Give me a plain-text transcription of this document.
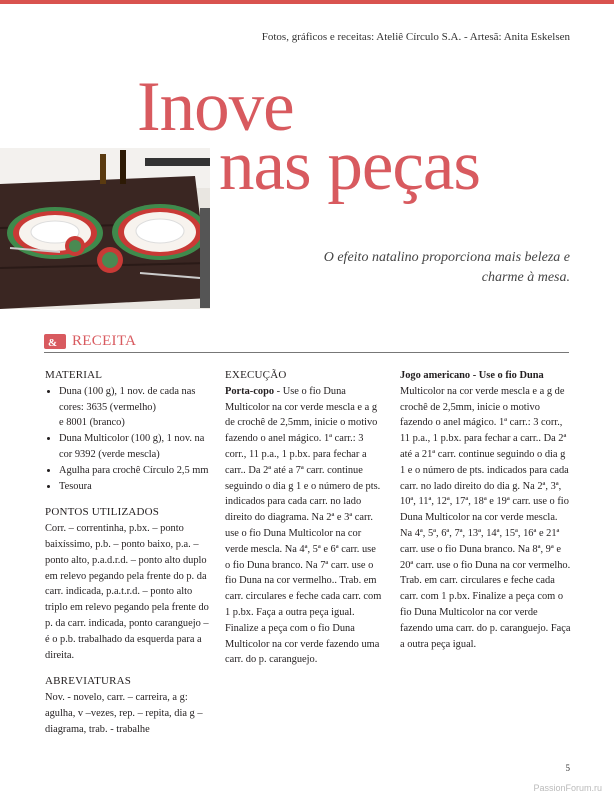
Fotos, gráficos e receitas: Ateliê Círculo S.A. - Artesã: Anita Eskelsen
Inove
nas peças
O efeito natalino proporciona mais beleza e charme à mesa.
& RECEITA

MATERIAL

• Duna (100 g), 1 nov. de cada nas cores: 3635 (vermelho)

e 8001 (branco)

• Duna Multicolor (100 g), 1 nov. na cor 9392 (verde mescla)
• Agulha para crochê Círculo 2,5 mm
• Tesoura

PONTOS UTILIZADOS

Corr. – correntinha, p.bx. – ponto baixíssimo, p.b. – ponto baixo, p.a. – ponto alto, p.a.d.r.d. – ponto alto duplo em relevo pegando pela frente do p. da carr. indicada, p.a.t.r.d. – ponto alto triplo em relevo pegando pela frente do p. da carr. indicada, ponto caranguejo – é o p.b. trabalhado da esquerda para a direita.

ABREVIATURAS

Nov. - novelo, carr. – carreira, a g: agulha, v –vezes, rep. – repita, dia g – diagrama, trab. - trabalhe

EXECUÇÃO

Porta-copo - Use o fio Duna Multicolor na cor verde mescla e a g de crochê de 2,5mm, inicie o motivo fazendo o anel mágico. 1ª carr.: 3 corr., 11 p.a., 1 p.bx. para fechar a carr.. Da 2ª até a 7ª carr. continue seguindo o dia g 1 e o número de pts. indicados para cada carr. no lado direito do diagrama. Na 2ª e 3ª carr. use o fio Duna Multicolor na cor verde mescla. Na 4ª, 5ª e 6ª carr. use o fio Duna branco. Na 7ª carr. use o fio Duna na cor vermelho.. Trab. em carr. circulares e feche cada carr. com 1 p.bx. Faça a outra peça igual. Finalize a peça com o fio Duna Multicolor na cor verde fazendo uma carr. do p. caranguejo.

Jogo americano - Use o fio Duna Multicolor na cor verde mescla e a g de crochê de 2,5mm, inicie o motivo fazendo o anel mágico. 1ª carr.: 3 corr., 11 p.a., 1 p.bx. para fechar a carr.. Da 2ª até a 21ª carr. continue seguindo o dia g 1 e o número de pts. indicados para cada carr. no lado direito do dia g. Na 2ª, 3ª, 10ª, 11ª, 12ª, 17ª, 18ª e 19ª carr. use o fio Duna Multicolor na cor verde mescla. Na 4ª, 5ª, 6ª, 7ª, 13ª, 14ª, 15ª, 16ª e 21ª carr. use o fio Duna branco. Na 8ª, 9ª e 20ª carr. use o fio Duna na cor vermelho. Trab. em carr. circulares e feche cada carr. com 1 p.bx. Finalize a peça com o fio Duna Multicolor na cor verde fazendo uma carr. do p. caranguejo. Faça a outra peça igual.

5
PassionForum.ru
